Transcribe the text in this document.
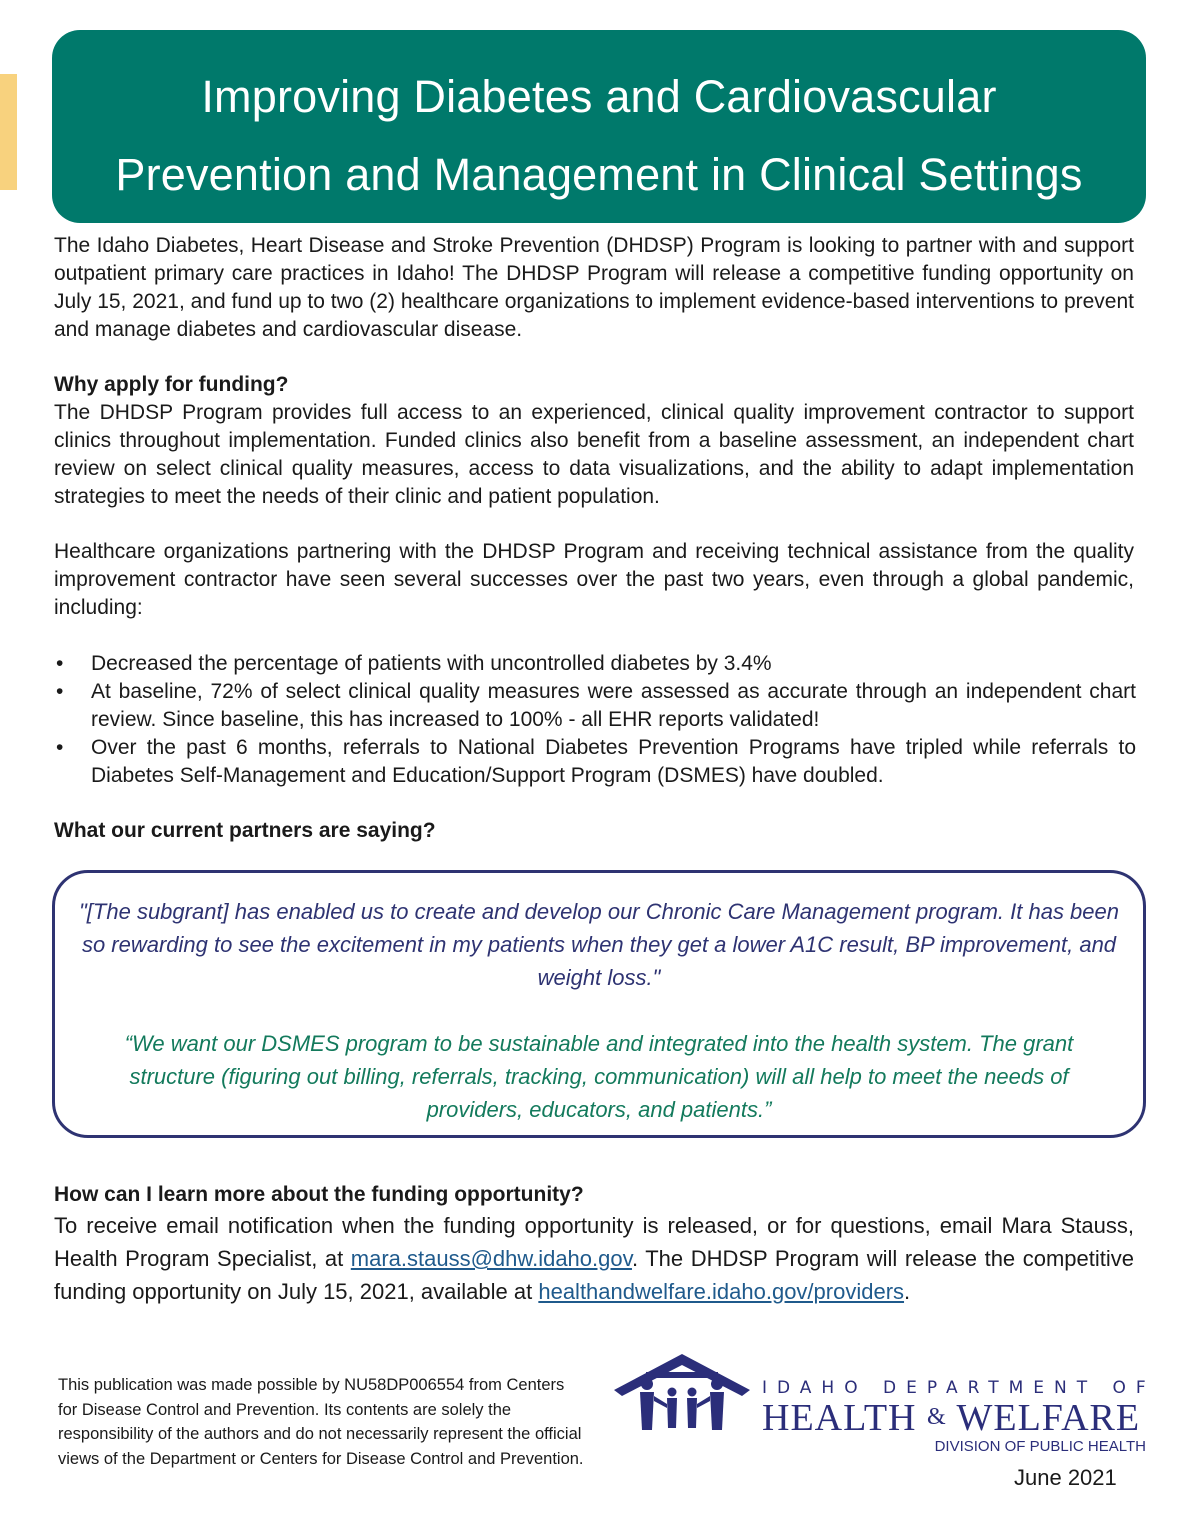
Improving Diabetes and Cardiovascular
Prevention and Management in Clinical Settings

The Idaho Diabetes, Heart Disease and Stroke Prevention (DHDSP) Program is looking to partner with and support outpatient primary care practices in Idaho! The DHDSP Program will release a competitive funding opportunity on July 15, 2021, and fund up to two (2) healthcare organizations to implement evidence-based interventions to prevent and manage diabetes and cardiovascular disease.

Why apply for funding?

The DHDSP Program provides full access to an experienced, clinical quality improvement contractor to support clinics throughout implementation. Funded clinics also benefit from a baseline assessment, an independent chart review on select clinical quality measures, access to data visualizations, and the ability to adapt implementation strategies to meet the needs of their clinic and patient population.

Healthcare organizations partnering with the DHDSP Program and receiving technical assistance from the quality improvement contractor have seen several successes over the past two years, even through a global pandemic, including:

• Decreased the percentage of patients with uncontrolled diabetes by 3.4%
• At baseline, 72% of select clinical quality measures were assessed as accurate through an independent chart review. Since baseline, this has increased to 100% - all EHR reports validated!
• Over the past 6 months, referrals to National Diabetes Prevention Programs have tripled while referrals to Diabetes Self-Management and Education/Support Program (DSMES) have doubled.
What our current partners are saying?
"[The subgrant] has enabled us to create and develop our Chronic Care Management program. It has been so rewarding to see the excitement in my patients when they get a lower A1C result, BP improvement, and weight loss."
“We want our DSMES program to be sustainable and integrated into the health system. The grant structure (figuring out billing, referrals, tracking, communication) will all help to meet the needs of providers, educators, and patients.”
How can I learn more about the funding opportunity?

To receive email notification when the funding opportunity is released, or for questions, email Mara Stauss, Health Program Specialist, at mara.stauss@dhw.idaho.gov. The DHDSP Program will release the competitive funding opportunity on July 15, 2021, available at healthandwelfare.idaho.gov/providers.

This publication was made possible by NU58DP006554 from Centers for Disease Control and Prevention. Its contents are solely the responsibility of the authors and do not necessarily represent the official views of the Department or Centers for Disease Control and Prevention.
IDAHO DEPARTMENT OF
HEALTH & WELFARE
DIVISION OF PUBLIC HEALTH
June 2021
